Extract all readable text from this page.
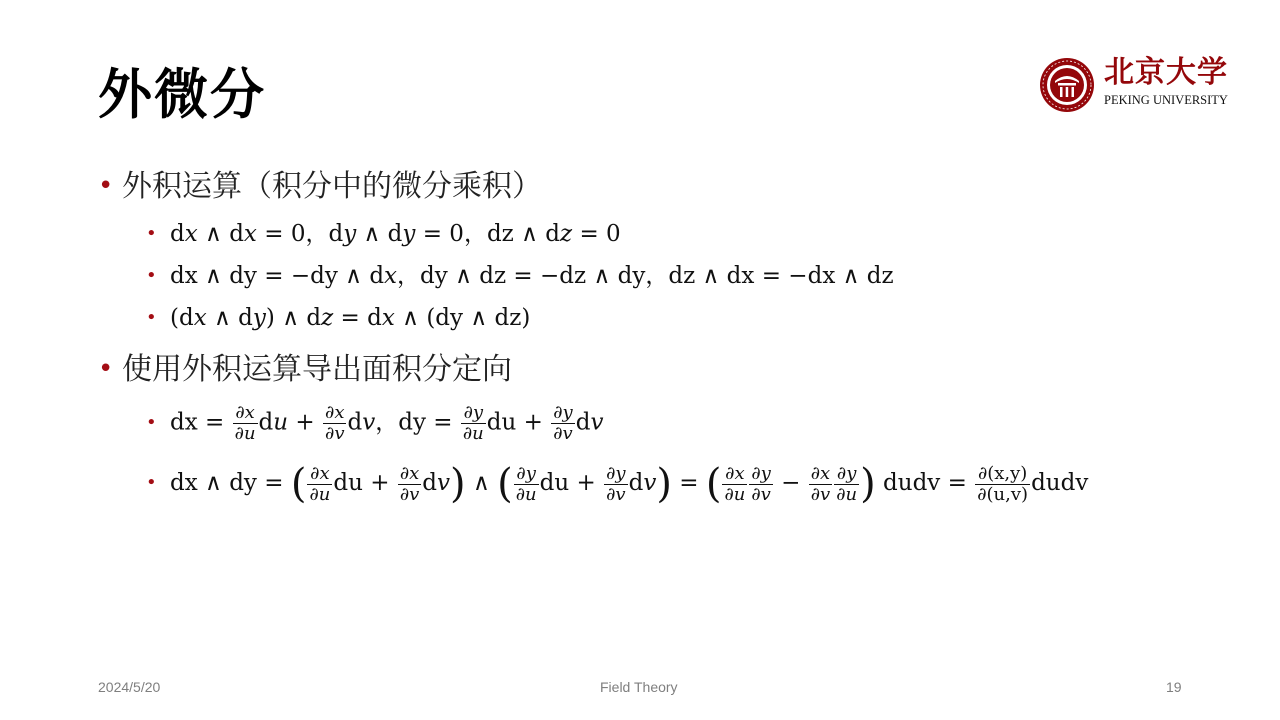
外微分	北京大学
PEKING UNIVERSITY
• 外积运算（积分中的微分乘积）
• dx ∧ dx = 0，dy ∧ dy = 0，dz ∧ dz = 0
• dx ∧ dy = −dy ∧ dx，dy ∧ dz = −dz ∧ dy，dz ∧ dx = −dx ∧ dz
• (dx ∧ dy) ∧ dz = dx ∧ (dy ∧ dz)
• 使用外积运算导出面积分定向
• dx = $\frac{\partial x}{\partial u}$ du + $\frac{\partial x}{\partial v}$ dv，dy = $\frac{\partial y}{\partial u}$ du + $\frac{\partial y}{\partial v}$ dv
• dx ∧ dy = ( $\frac{\partial x}{\partial u}$ du + $\frac{\partial x}{\partial v} dv$) ∧ ( $\frac{\partial y}{\partial u}$ du + $\frac{\partial y}{\partial v} dv$) = ( $\frac{\partial x}{\partial u} \frac{\partial y}{\partial v} - \frac{\partial x}{\partial v} \frac{\partial y}{\partial u}$ ) dudv = $\frac{\partial(x,y)}{\partial(u,v)}$ dudv
2024/5/20	Field Theory	19
